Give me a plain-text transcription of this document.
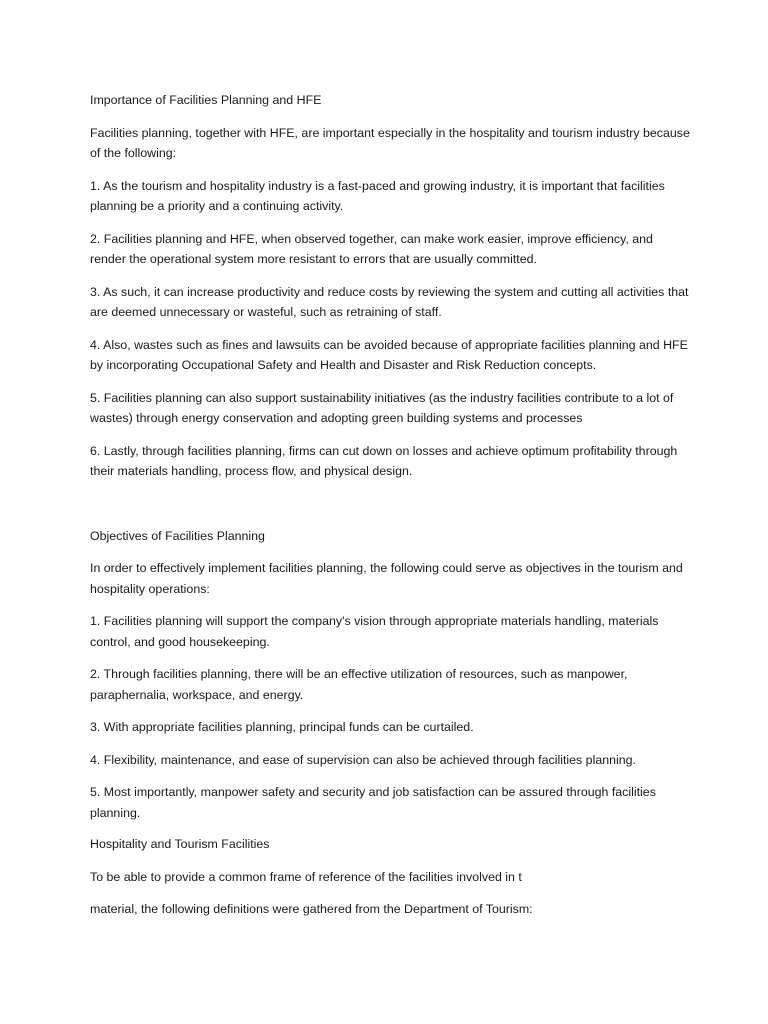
Importance of Facilities Planning and HFE

Facilities planning, together with HFE, are important especially in the hospitality and tourism industry because of the following:

1. As the tourism and hospitality industry is a fast-paced and growing industry, it is important that facilities planning be a priority and a continuing activity.

2. Facilities planning and HFE, when observed together, can make work easier, improve efficiency, and render the operational system more resistant to errors that are usually committed.

3. As such, it can increase productivity and reduce costs by reviewing the system and cutting all activities that are deemed unnecessary or wasteful, such as retraining of staff.

4. Also, wastes such as fines and lawsuits can be avoided because of appropriate facilities planning and HFE by incorporating Occupational Safety and Health and Disaster and Risk Reduction concepts.

5. Facilities planning can also support sustainability initiatives (as the industry facilities contribute to a lot of wastes) through energy conservation and adopting green building systems and processes

6. Lastly, through facilities planning, firms can cut down on losses and achieve optimum profitability through their materials handling, process flow, and physical design.

Objectives of Facilities Planning

In order to effectively implement facilities planning, the following could serve as objectives in the tourism and hospitality operations:

1. Facilities planning will support the company's vision through appropriate materials handling, materials control, and good housekeeping.

2. Through facilities planning, there will be an effective utilization of resources, such as manpower, paraphernalia, workspace, and energy.

3. With appropriate facilities planning, principal funds can be curtailed.

4. Flexibility, maintenance, and ease of supervision can also be achieved through facilities planning.

5. Most importantly, manpower safety and security and job satisfaction can be assured through facilities planning.

Hospitality and Tourism Facilities

To be able to provide a common frame of reference of the facilities involved in t

material, the following definitions were gathered from the Department of Tourism:
